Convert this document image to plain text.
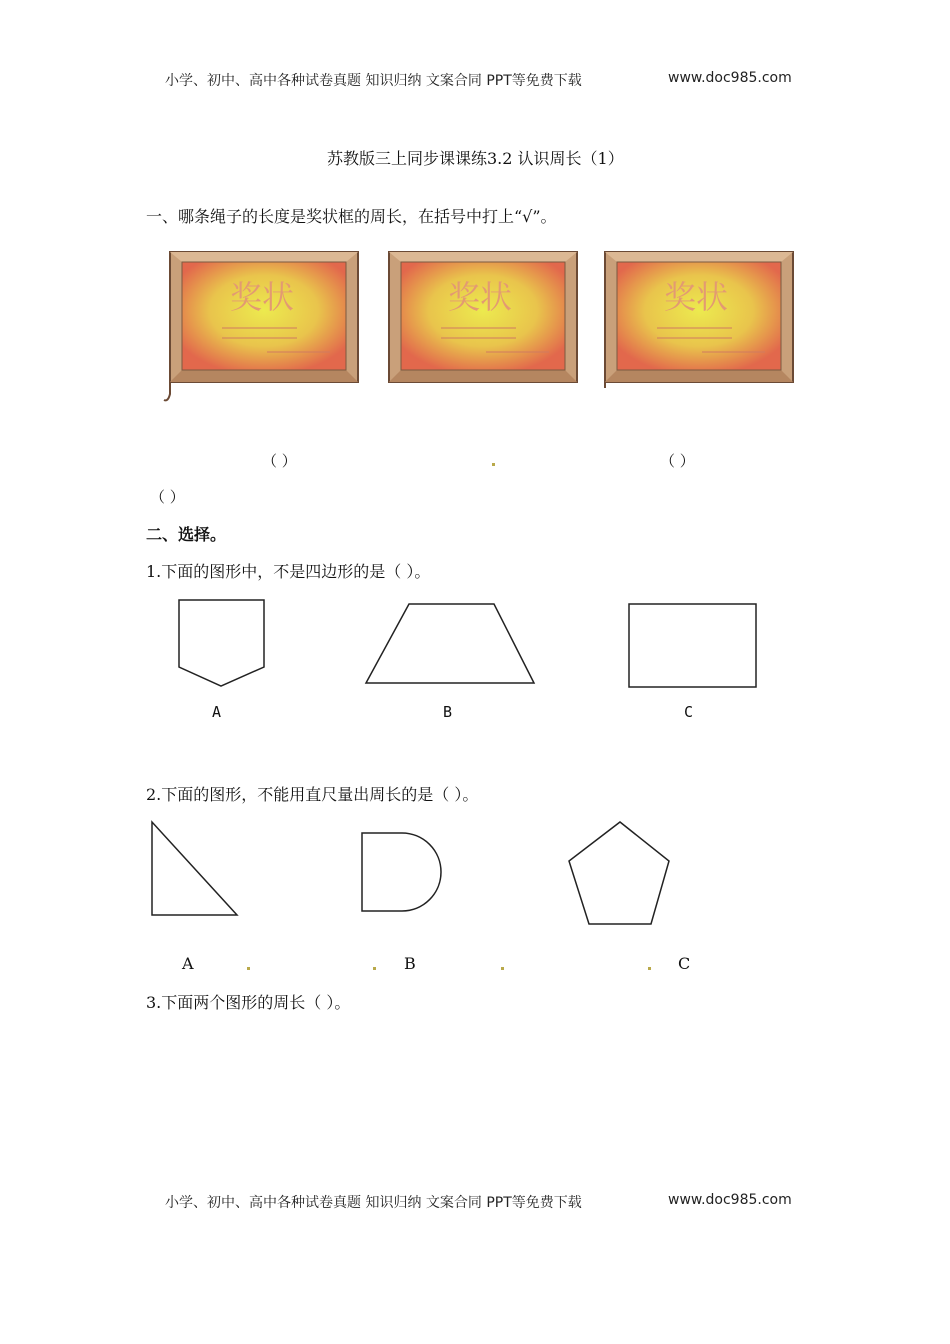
小学、初中、高中各种试卷真题 知识归纳 文案合同 PPT等免费下载	www.doc985.com
苏教版三上同步课课练3.2 认识周长（1）
一、哪条绳子的长度是奖状框的周长，在括号中打上“√”。
奖状	奖状	奖状
（ ）	（ ）
（ ）
二、选择。
1.下面的图形中，不是四边形的是（ ）。
A	B	C
2.下面的图形，不能用直尺量出周长的是（ ）。
A	B	C
3.下面两个图形的周长（ ）。
小学、初中、高中各种试卷真题 知识归纳 文案合同 PPT等免费下载	www.doc985.com
